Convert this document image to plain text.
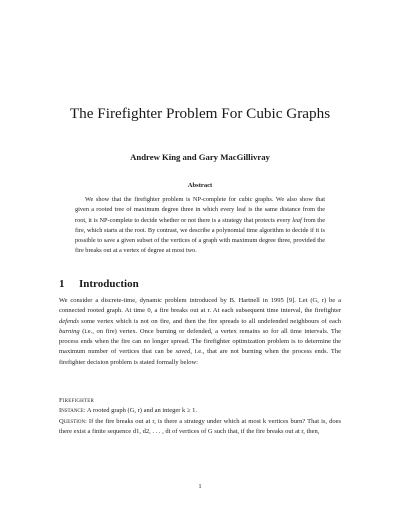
The Firefighter Problem For Cubic Graphs
Andrew King and Gary MacGillivray
Abstract

We show that the firefighter problem is NP-complete for cubic graphs. We also show that given a rooted tree of maximum degree three in which every leaf is the same distance from the root, it is NP-complete to decide whether or not there is a strategy that protects every leaf from the fire, which starts at the root. By contrast, we describe a polynomial time algorithm to decide if it is possible to save a given subset of the vertices of a graph with maximum degree three, provided the fire breaks out at a vertex of degree at most two.

1 Introduction

We consider a discrete-time, dynamic problem introduced by B. Hartnell in 1995 [9]. Let (G, r) be a connected rooted graph. At time 0, a fire breaks out at r. At each subsequent time interval, the firefighter defends some vertex which is not on fire, and then the fire spreads to all undefended neighbours of each burning (i.e., on fire) vertex. Once burning or defended, a vertex remains so for all time intervals. The process ends when the fire can no longer spread. The firefighter optimization problem is to determine the maximum number of vertices that can be saved, i.e., that are not burning when the process ends. The firefighter decision problem is stated formally below:

Firefighter
Instance: A rooted graph (G, r) and an integer k ≥ 1.
Question: If the fire breaks out at r, is there a strategy under which at most k vertices burn? That is, does there exist a finite sequence d1, d2, . . . , dt of vertices of G such that, if the fire breaks out at r, then,
1
